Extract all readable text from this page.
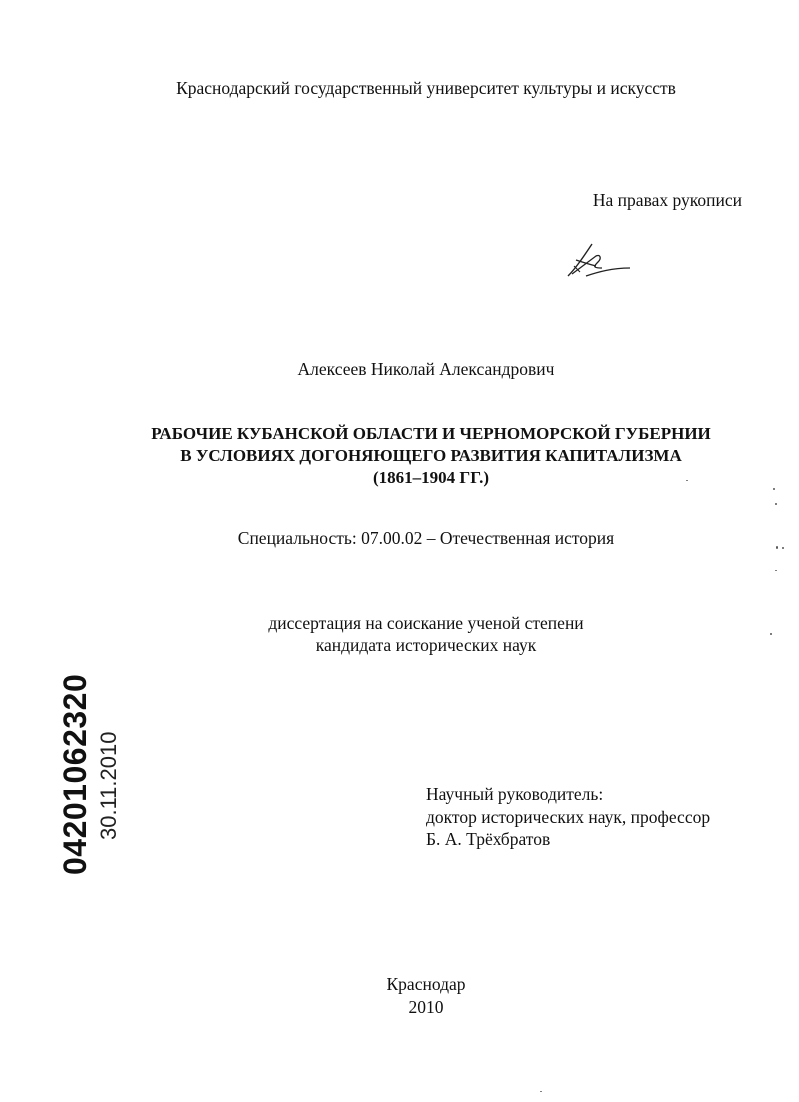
Краснодарский государственный университет культуры и искусств
На правах рукописи
Алексеев Николай Александрович
РАБОЧИЕ КУБАНСКОЙ ОБЛАСТИ И ЧЕРНОМОРСКОЙ ГУБЕРНИИ
В УСЛОВИЯХ ДОГОНЯЮЩЕГО РАЗВИТИЯ КАПИТАЛИЗМА
(1861–1904 ГГ.)
Специальность: 07.00.02 – Отечественная история
диссертация на соискание ученой степени
кандидата исторических наук
Научный руководитель:
доктор исторических наук, профессор
Б. А. Трёхбратов
Краснодар
2010
04201062320 30.11.2010
